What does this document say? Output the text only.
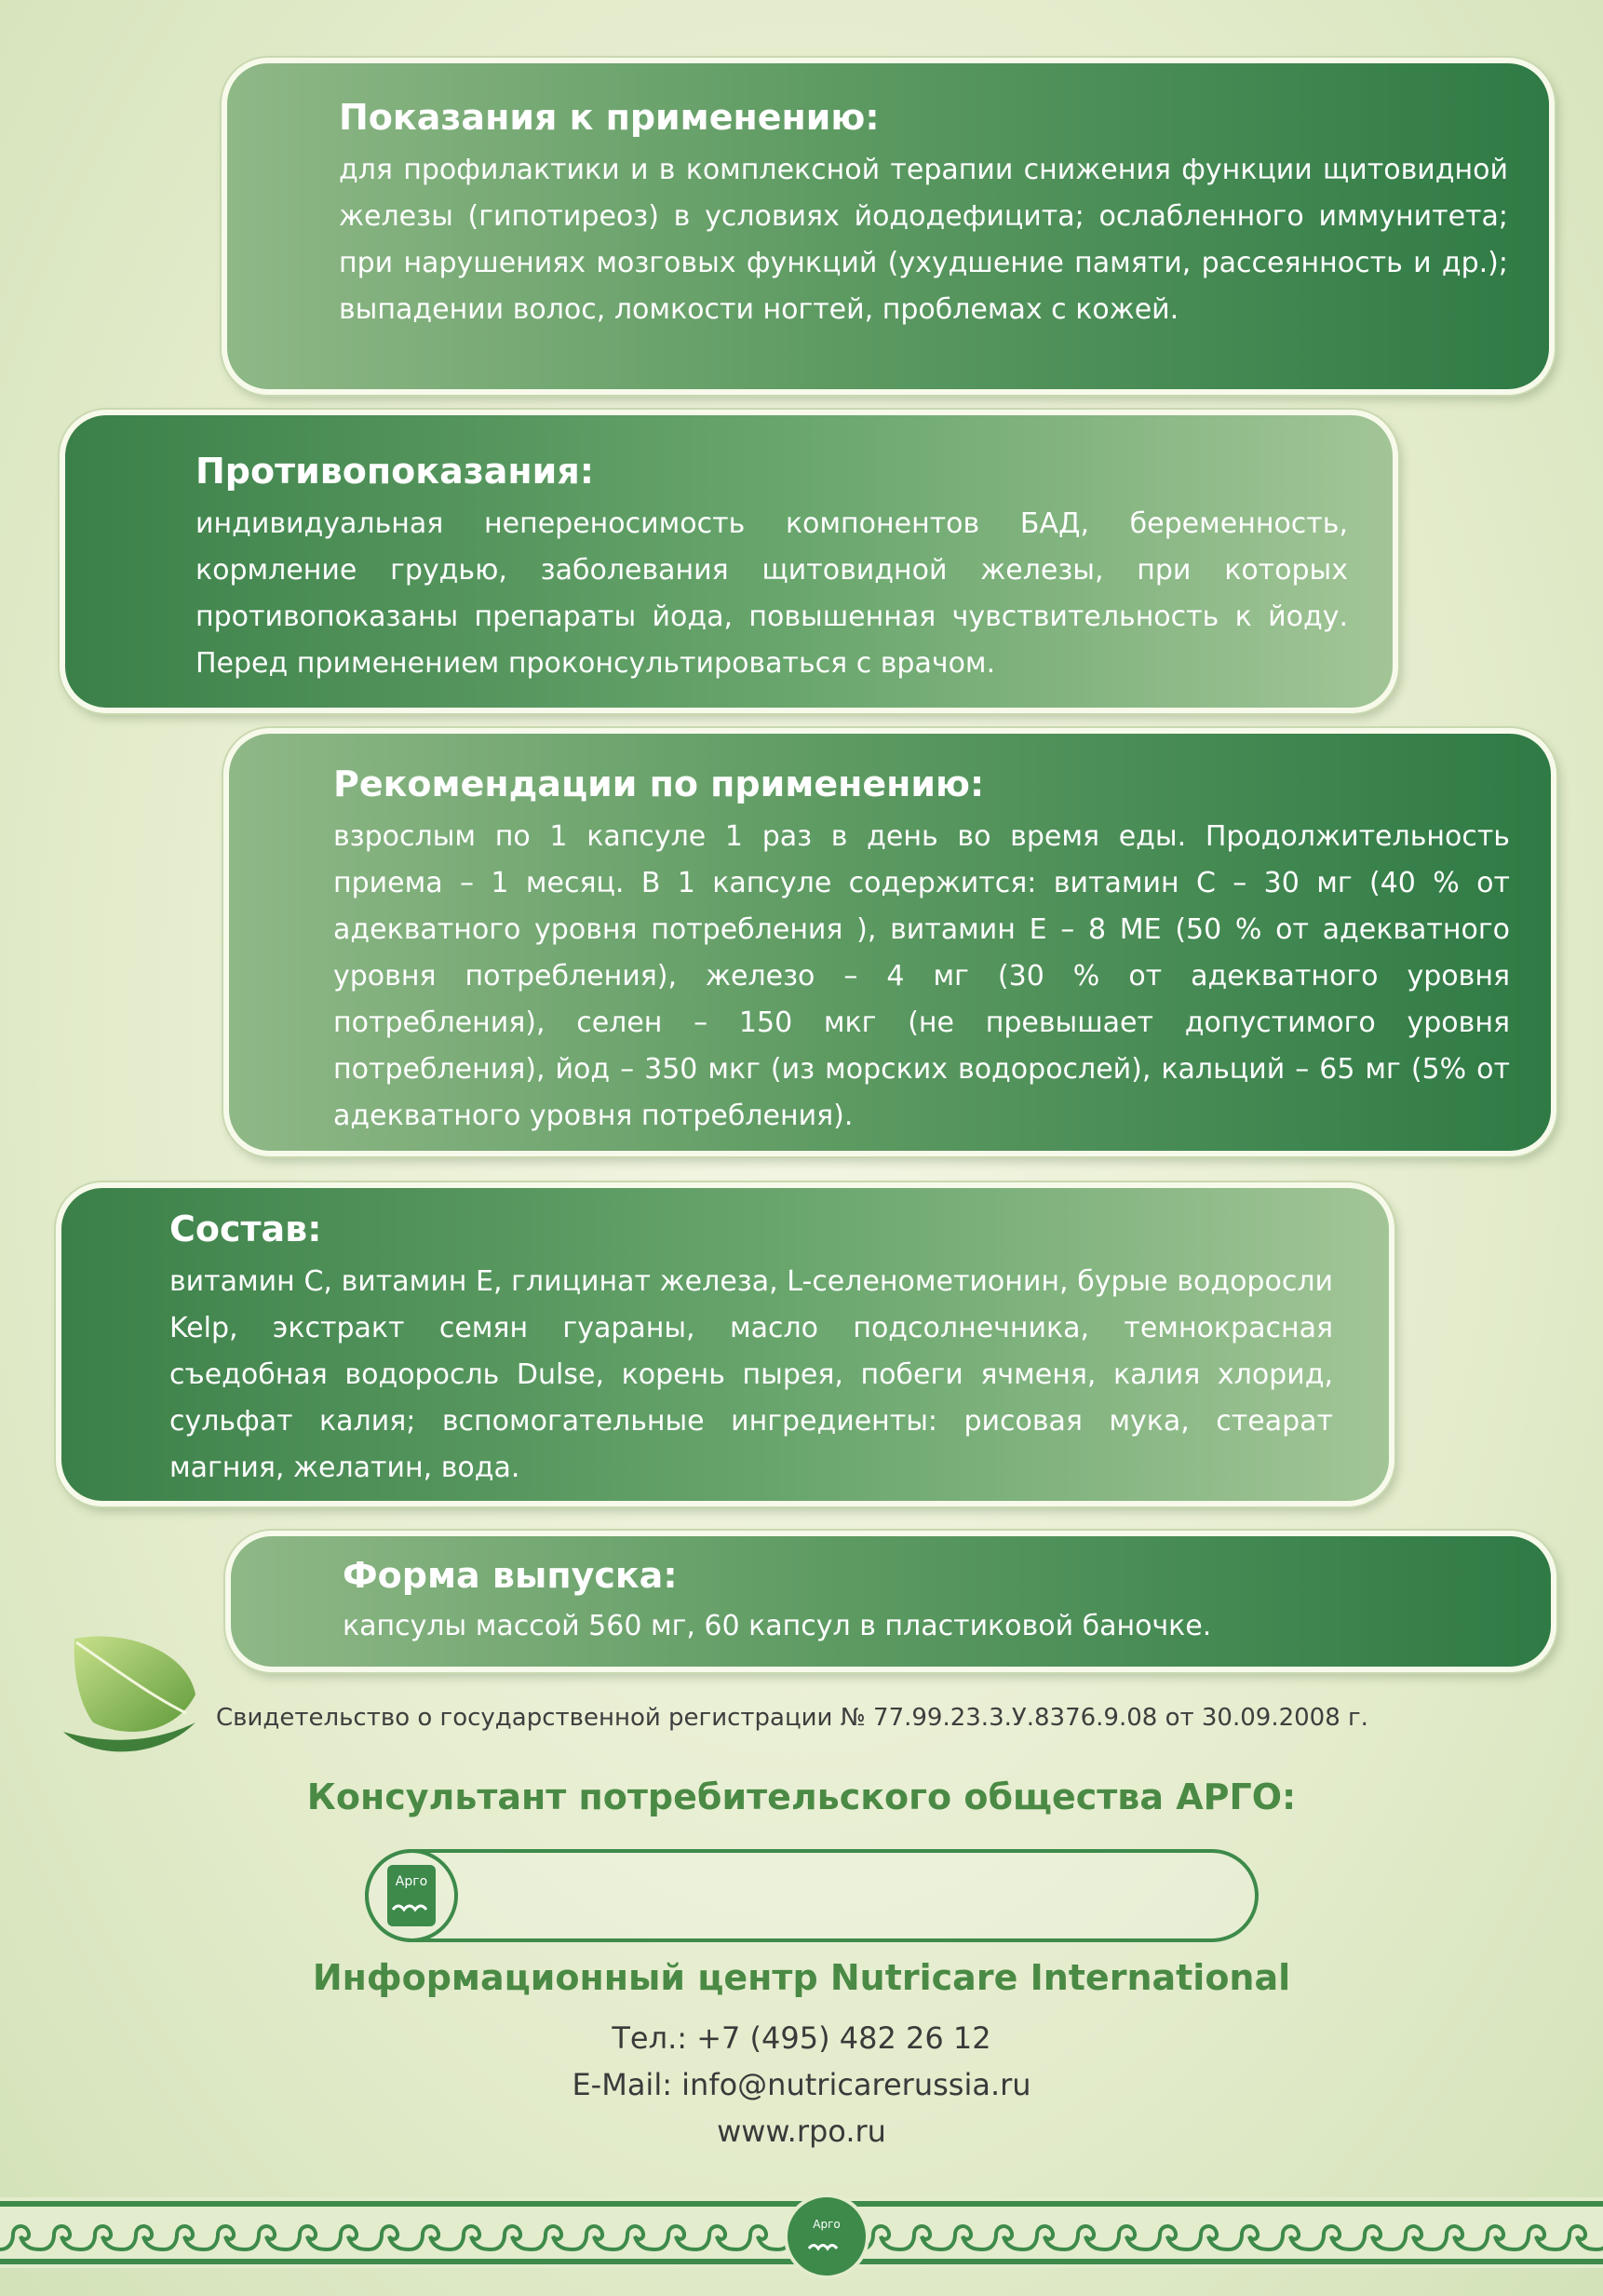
Показания к применению:

для профилактики и в комплексной терапии снижения функции щитовидной железы (гипотиреоз) в условиях йододефицита; ослабленного иммунитета; при нарушениях мозговых функций (ухудшение памяти, рассеянность и др.); выпадении волос, ломкости ногтей, проблемах с кожей.

Противопоказания:

индивидуальная непереносимость компонентов БАД, беременность, кормление грудью, заболевания щитовидной железы, при которых противопоказаны препараты йода, повышенная чувствительность к йоду. Перед применением проконсультироваться с врачом.

Рекомендации по применению:

взрослым по 1 капсуле 1 раз в день во время еды. Продолжительность приема – 1 месяц. В 1 капсуле содержится: витамин С – 30 мг (40 % от адекватного уровня потребления ), витамин Е – 8 МЕ (50 % от адекватного уровня потребления), железо – 4 мг (30 % от адекватного уровня потребления), селен – 150 мкг (не превышает допустимого уровня потребления), йод – 350 мкг (из морских водорослей), кальций – 65 мг (5% от адекватного уровня потребления).

Состав:

витамин С, витамин Е, глицинат железа, L-селенометионин, бурые водоросли Kelp, экстракт семян гуараны, масло подсолнечника, темнокрасная съедобная водоросль Dulse, корень пырея, побеги ячменя, калия хлорид, сульфат калия; вспомогательные ингредиенты: рисовая мука, стеарат магния, желатин, вода.

Форма выпуска:

капсулы массой 560 мг, 60 капсул в пластиковой баночке.

Свидетельство о государственной регистрации № 77.99.23.3.У.8376.9.08 от 30.09.2008 г.
Консультант потребительского общества АРГО:
Арго
Информационный центр Nutricare International
Тел.: +7 (495) 482 26 12
E-Mail: info@nutricarerussia.ru
www.rpo.ru
Арго
